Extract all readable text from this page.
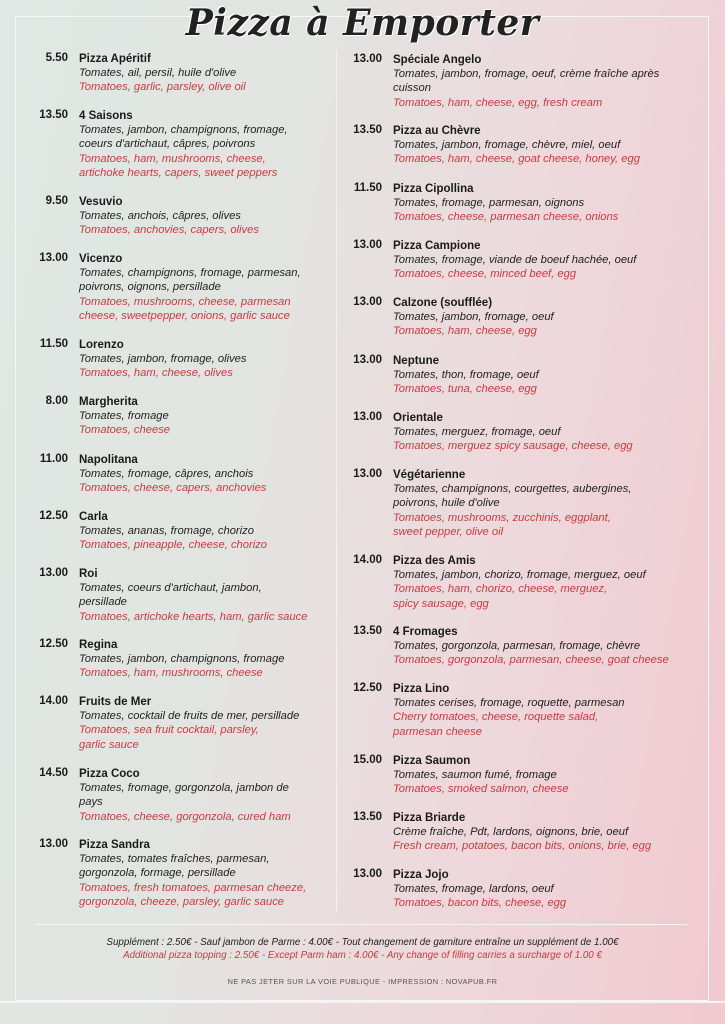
Pizza à Emporter
5.50 Pizza Apéritif
Tomates, ail, persil, huile d'olive
Tomatoes, garlic, parsley, olive oil
13.50 4 Saisons
Tomates, jambon, champignons, fromage,
coeurs d'artichaut, câpres, poivrons
Tomatoes, ham, mushrooms, cheese,
artichoke hearts, capers, sweet peppers
9.50 Vesuvio
Tomates, anchois, câpres, olives
Tomatoes, anchovies, capers, olives
13.00 Vicenzo
Tomates, champignons, fromage, parmesan,
poivrons, oignons, persillade
Tomatoes, mushrooms, cheese, parmesan
cheese, sweetpepper, onions, garlic sauce
11.50 Lorenzo
Tomates, jambon, fromage, olives
Tomatoes, ham, cheese, olives
8.00 Margherita
Tomates, fromage
Tomatoes, cheese
11.00 Napolitana
Tomates, fromage, câpres, anchois
Tomatoes, cheese, capers, anchovies
12.50 Carla
Tomates, ananas, fromage, chorizo
Tomatoes, pineapple, cheese, chorizo
13.00 Roi
Tomates, coeurs d'artichaut, jambon,
persillade
Tomatoes, artichoke hearts, ham, garlic sauce
12.50 Regina
Tomates, jambon, champignons, fromage
Tomatoes, ham, mushrooms, cheese
14.00 Fruits de Mer
Tomates, cocktail de fruits de mer, persillade
Tomatoes, sea fruit cocktail, parsley,
garlic sauce
14.50 Pizza Coco
Tomates, fromage, gorgonzola, jambon de
pays
Tomatoes, cheese, gorgonzola, cured ham
13.00 Pizza Sandra
Tomates, tomates fraîches, parmesan,
gorgonzola, formage, persillade
Tomatoes, fresh tomatoes, parmesan cheeze,
gorgonzola, cheeze, parsley, garlic sauce
13.00 Spéciale Angelo
Tomates, jambon, fromage, oeuf, crème fraîche après
cuisson
Tomatoes, ham, cheese, egg, fresh cream
13.50 Pizza au Chèvre
Tomates, jambon, fromage, chèvre, miel, oeuf
Tomatoes, ham, cheese, goat cheese, honey, egg
11.50 Pizza Cipollina
Tomates, fromage, parmesan, oignons
Tomatoes, cheese, parmesan cheese, onions
13.00 Pizza Campione
Tomates, fromage, viande de boeuf hachée, oeuf
Tomatoes, cheese, minced beef, egg
13.00 Calzone (soufflée)
Tomates, jambon, fromage, oeuf
Tomatoes, ham, cheese, egg
13.00 Neptune
Tomates, thon, fromage, oeuf
Tomatoes, tuna, cheese, egg
13.00 Orientale
Tomates, merguez, fromage, oeuf
Tomatoes, merguez spicy sausage, cheese, egg
13.00 Végétarienne
Tomates, champignons, courgettes, aubergines,
poivrons, huile d'olive
Tomatoes, mushrooms, zucchinis, eggplant,
sweet pepper, olive oil
14.00 Pizza des Amis
Tomates, jambon, chorizo, fromage, merguez, oeuf
Tomatoes, ham, chorizo, cheese, merguez,
spicy sausage, egg
13.50 4 Fromages
Tomates, gorgonzola, parmesan, fromage, chèvre
Tomatoes, gorgonzola, parmesan, cheese, goat cheese
12.50 Pizza Lino
Tomates cerises, fromage, roquette, parmesan
Cherry tomatoes, cheese, roquette salad,
parmesan cheese
15.00 Pizza Saumon
Tomates, saumon fumé, fromage
Tomatoes, smoked salmon, cheese
13.50 Pizza Briarde
Crème fraîche, Pdt, lardons, oignons, brie, oeuf
Fresh cream, potatoes, bacon bits, onions, brie, egg
13.00 Pizza Jojo
Tomates, fromage, lardons, oeuf
Tomatoes, bacon bits, cheese, egg
Supplément : 2.50€ - Sauf jambon de Parme : 4.00€ - Tout changement de garniture entraîne un supplément de 1.00€
Additional pizza topping : 2.50€ - Except Parm ham : 4.00€ - Any change of filling carries a surcharge of 1.00 €
NE PAS JETER SUR LA VOIE PUBLIQUE - IMPRESSION : NOVAPUB.FR
